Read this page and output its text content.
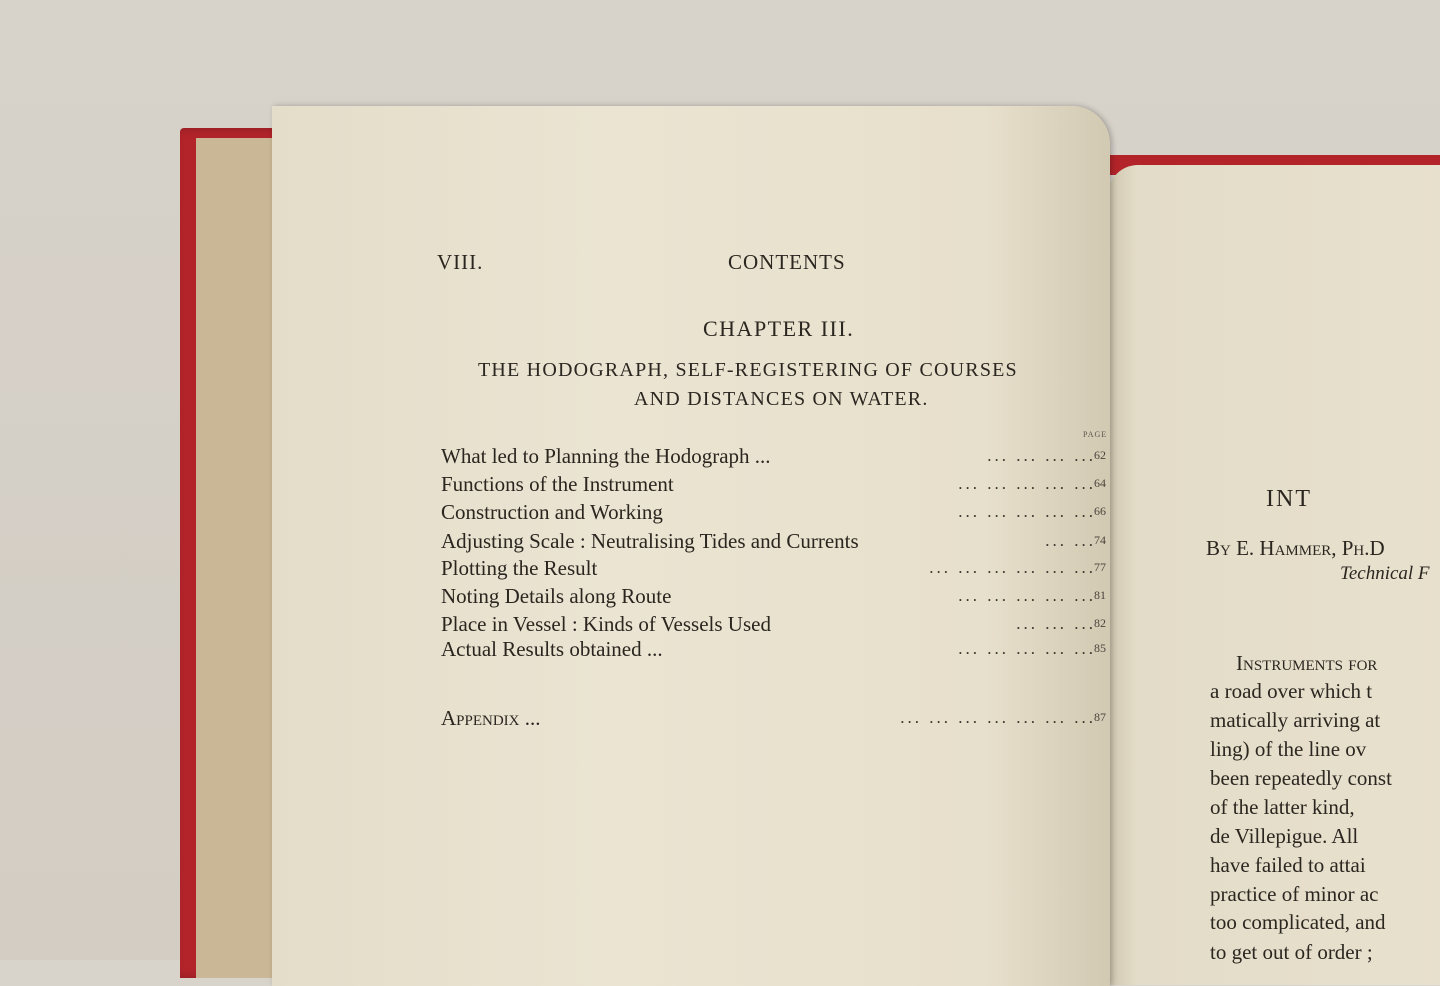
VIII.	CONTENTS
CHAPTER III.
THE HODOGRAPH, SELF-REGISTERING OF COURSES
AND DISTANCES ON WATER.
PAGE
... ... ... ...
What led to Planning the Hodograph ...	62
... ... ... ... ...
Functions of the Instrument	64
... ... ... ... ...
Construction and Working	66
... ...
Adjusting Scale : Neutralising Tides and Currents	74
... ... ... ... ... ...
Plotting the Result	77
... ... ... ... ...
Noting Details along Route	81
... ... ...
Place in Vessel : Kinds of Vessels Used	82
... ... ... ... ...
Actual Results obtained ...	85
... ... ... ... ... ... ...
Appendix ...	87
INT
By E. Hammer, Ph.D
Technical F
Instruments for
a road over which t
matically arriving at
ling) of the line ov
been repeatedly const
of the latter kind,
de Villepigue. All
have failed to attai
practice of minor ac
too complicated, and
to get out of order ;
